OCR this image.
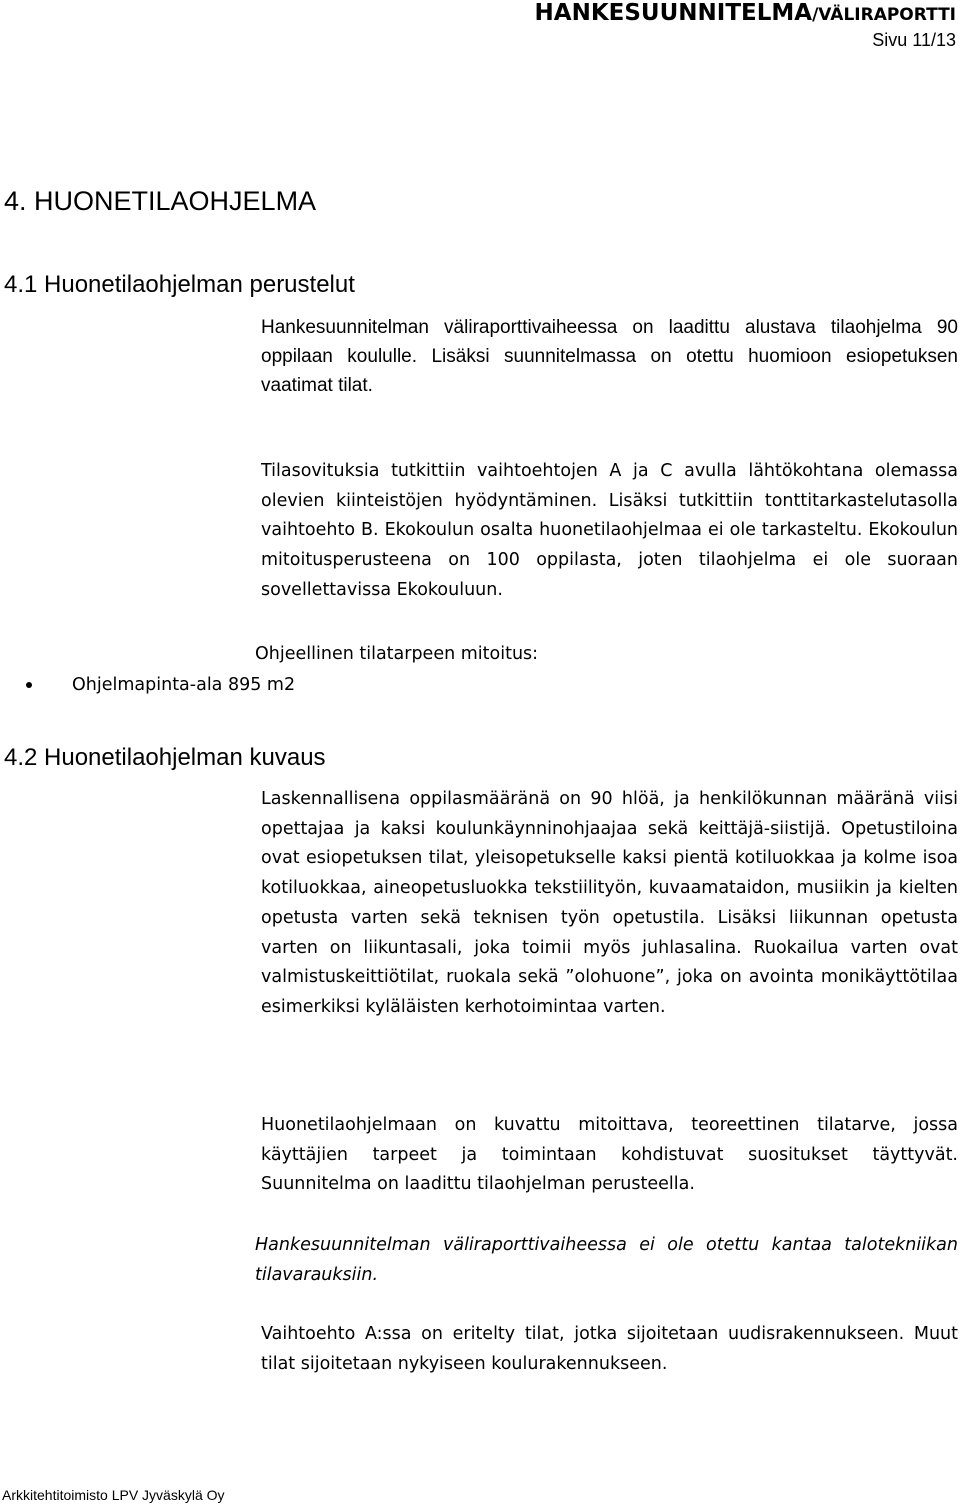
HANKESUUNNITELMA/VÄLIRAPORTTI
Sivu 11/13
4. HUONETILAOHJELMA
4.1 Huonetilaohjelman perustelut

Hankesuunnitelman väliraporttivaiheessa on laadittu alustava tilaohjelma 90 oppilaan koululle. Lisäksi suunnitelmassa on otettu huomioon esiopetuksen vaatimat tilat.

Tilasovituksia tutkittiin vaihtoehtojen A ja C avulla lähtökohtana olemassa olevien kiinteistöjen hyödyntäminen. Lisäksi tutkittiin tonttitarkastelutasolla vaihtoehto B. Ekokoulun osalta huonetilaohjelmaa ei ole tarkasteltu. Ekokoulun mitoitusperusteena on 100 oppilasta, joten tilaohjelma ei ole suoraan sovellettavissa Ekokouluun.

Ohjeellinen tilatarpeen mitoitus:

Ohjelmapinta-ala 895 m2

4.2 Huonetilaohjelman kuvaus

Laskennallisena oppilasmääränä on 90 hlöä, ja henkilökunnan määränä viisi opettajaa ja kaksi koulunkäynninohjaajaa sekä keittäjä-siistijä. Opetustiloina ovat esiopetuksen tilat, yleisopetukselle kaksi pientä kotiluokkaa ja kolme isoa kotiluokkaa, aineopetusluokka tekstiilityön, kuvaamataidon, musiikin ja kielten opetusta varten sekä teknisen työn opetustila. Lisäksi liikunnan opetusta varten on liikuntasali, joka toimii myös juhlasalina. Ruokailua varten ovat valmistuskeittiötilat, ruokala sekä ”olohuone”, joka on avointa monikäyttötilaa esimerkiksi kyläläisten kerhotoimintaa varten.

Huonetilaohjelmaan on kuvattu mitoittava, teoreettinen tilatarve, jossa käyttäjien tarpeet ja toimintaan kohdistuvat suositukset täyttyvät. Suunnitelma on laadittu tilaohjelman perusteella.

Hankesuunnitelman väliraporttivaiheessa ei ole otettu kantaa talotekniikan tilavarauksiin.

Vaihtoehto A:ssa on eritelty tilat, jotka sijoitetaan uudisrakennukseen. Muut tilat sijoitetaan nykyiseen koulurakennukseen.

Arkkitehtitoimisto LPV Jyväskylä Oy
